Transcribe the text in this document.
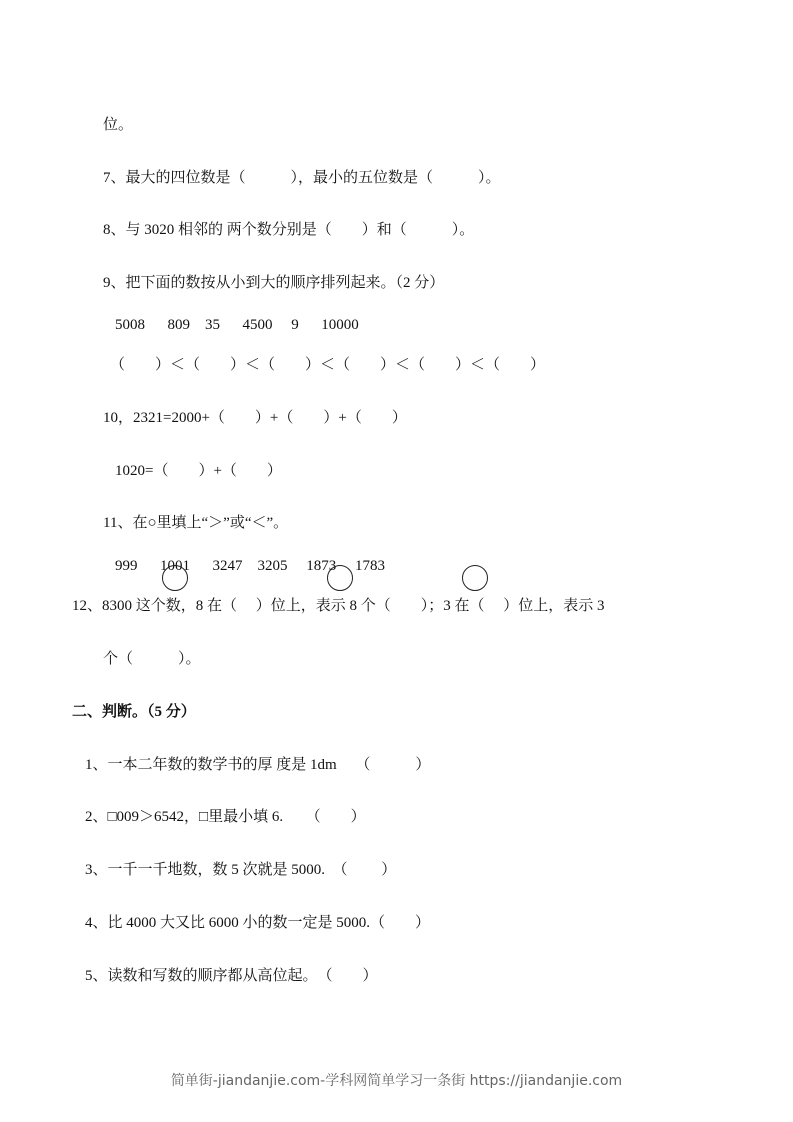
位。
7、最大的四位数是（　　　），最小的五位数是（　　　）。
8、与 3020 相邻的 两个数分别是（　　）和（　　　）。
9、把下面的数按从小到大的顺序排列起来。（2 分）
5008      809    35      4500     9      10000
（　　）＜（　　）＜（　　）＜（　　）＜（　　）＜（　　）
10，2321=2000+（　　）+（　　）+（　　）
1020=（　　）+（　　）
11、在○里填上“＞”或“＜”。
999      1001      3247    3205     1873     1783
12、8300 这个数，8 在（　 ）位上，表示 8 个（　　）；3 在（　 ）位上，表示 3
个（　　　）。
二、判断。（5 分）
1、一本二年数的数学书的厚 度是 1dm　 （　　　）
2、□009＞6542，□里最小填 6.　　（　　）
3、一千一千地数，数 5 次就是 5000.　（　　 ）
4、比 4000 大又比 6000 小的数一定是 5000.（　　）
5、读数和写数的顺序都从高位起。　（　　）
简单街-jiandanjie.com-学科网简单学习一条街 https://jiandanjie.com
